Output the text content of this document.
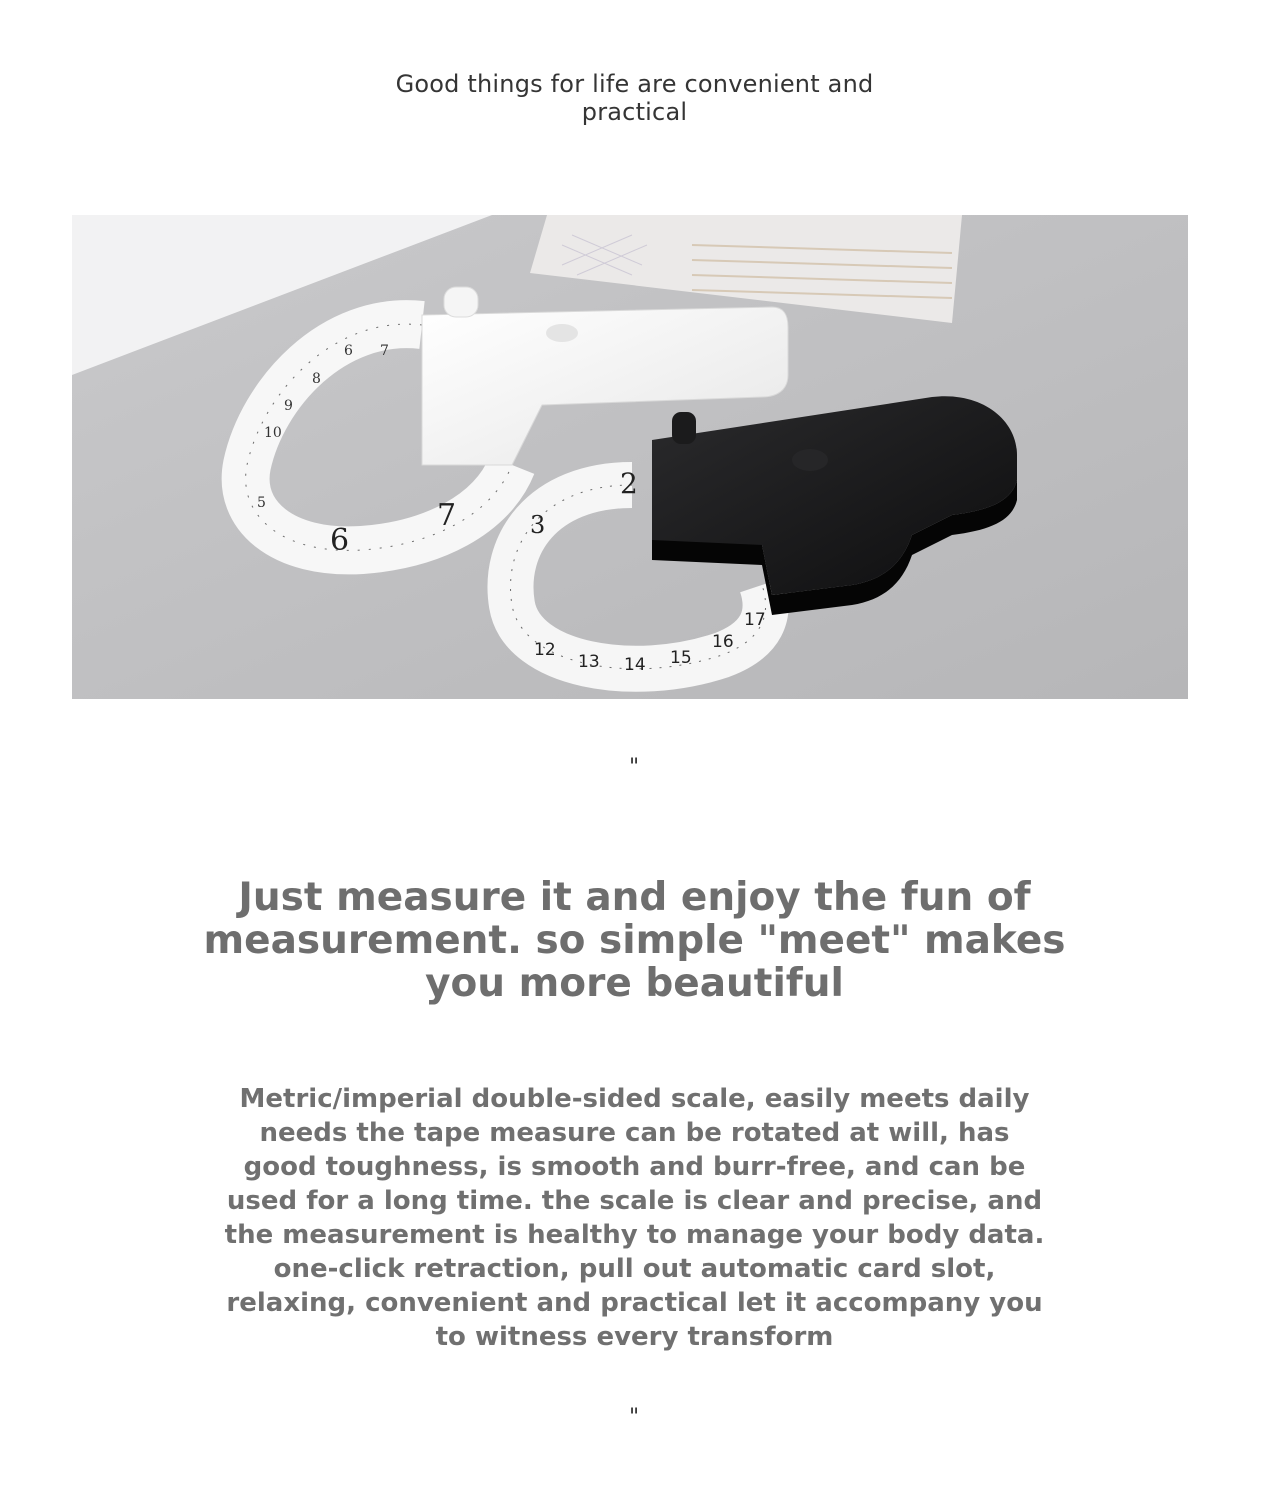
Good things for life are convenient and
practical
6
7
8
9
10
5
6 7
2
3
12
13 14 15
16
17
"
Just measure it and enjoy the fun of
measurement. so simple "meet" makes
you more beautiful
Metric/imperial double-sided scale, easily meets daily
needs the tape measure can be rotated at will, has
good toughness, is smooth and burr-free, and can be
used for a long time. the scale is clear and precise, and
the measurement is healthy to manage your body data.
one-click retraction, pull out automatic card slot,
relaxing, convenient and practical let it accompany you
to witness every transform
"
